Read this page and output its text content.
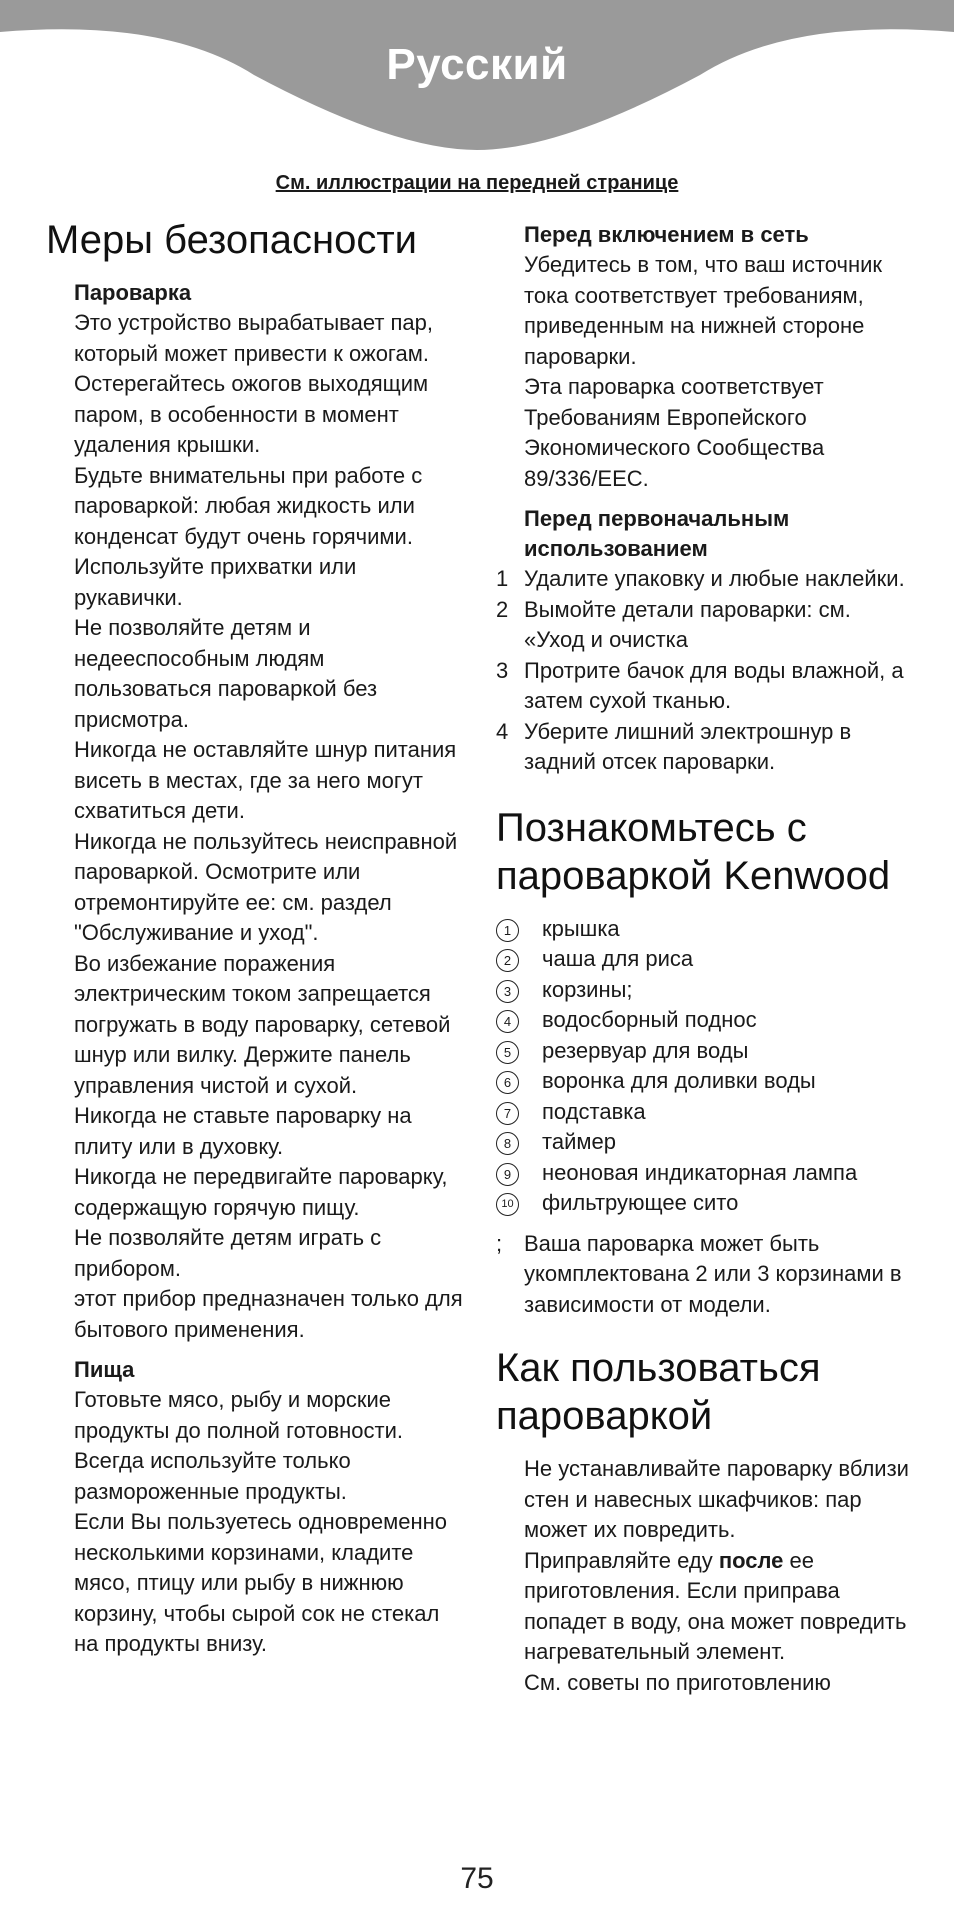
Русский
См. иллюстрации на передней странице
Меры безопасности

Пароварка

Это устройство вырабатывает пар, который может привести к ожогам.

Остерегайтесь ожогов выходящим паром, в особенности в момент удаления крышки.

Будьте внимательны при работе с пароваркой: любая жидкость или конденсат будут очень горячими. Используйте прихватки или рукавички.

Не позволяйте детям и недееспособным людям пользоваться пароваркой без присмотра.

Никогда не оставляйте шнур питания висеть в местах, где за него могут схватиться дети.

Никогда не пользуйтесь неисправной пароваркой. Осмотрите или отремонтируйте ее: см. раздел "Обслуживание и уход".

Во избежание поражения электрическим током запрещается погружать в воду пароварку, сетевой шнур или вилку. Держите панель управления чистой и сухой.

Никогда не ставьте пароварку на плиту или в духовку.

Никогда не передвигайте пароварку, содержащую горячую пищу.

Не позволяйте детям играть с прибором.

этот прибор предназначен только для бытового применения.

Пища

Готовьте мясо, рыбу и морские продукты до полной готовности.

Всегда используйте только размороженные продукты.

Если Вы пользуетесь одновременно несколькими корзинами, кладите мясо, птицу или рыбу в нижнюю корзину, чтобы сырой сок не стекал на продукты внизу.

Перед включением в сеть

Убедитесь в том, что ваш источник тока соответствует требованиям, приведенным на нижней стороне пароварки.

Эта пароварка соответствует Требованиям Европейского Экономического Сообщества 89/336/EEC.

Перед первоначальным использованием

1 Удалите упаковку и любые наклейки.
2 Вымойте детали пароварки: см. «Уход и очистка
3 Протрите бачок для воды влажной, а затем сухой тканью.
4 Уберите лишний электрошнур в задний отсек пароварки.
Познакомьтесь с пароваркой Kenwood
1	крышка
2	чаша для риса
3	корзины;
4	водосборный поднос
5	резервуар для воды
6	воронка для доливки воды
7	подставка
8	таймер
9	неоновая индикаторная лампа
10 фильтрующее сито

; Ваша пароварка может быть укомплектована 2 или 3 корзинами в зависимости от модели.

Как пользоваться пароваркой

Не устанавливайте пароварку вблизи стен и навесных шкафчиков: пар может их повредить.

Приправляйте еду после ее приготовления. Если приправа попадет в воду, она может повредить нагревательный элемент.

См. советы по приготовлению

75
